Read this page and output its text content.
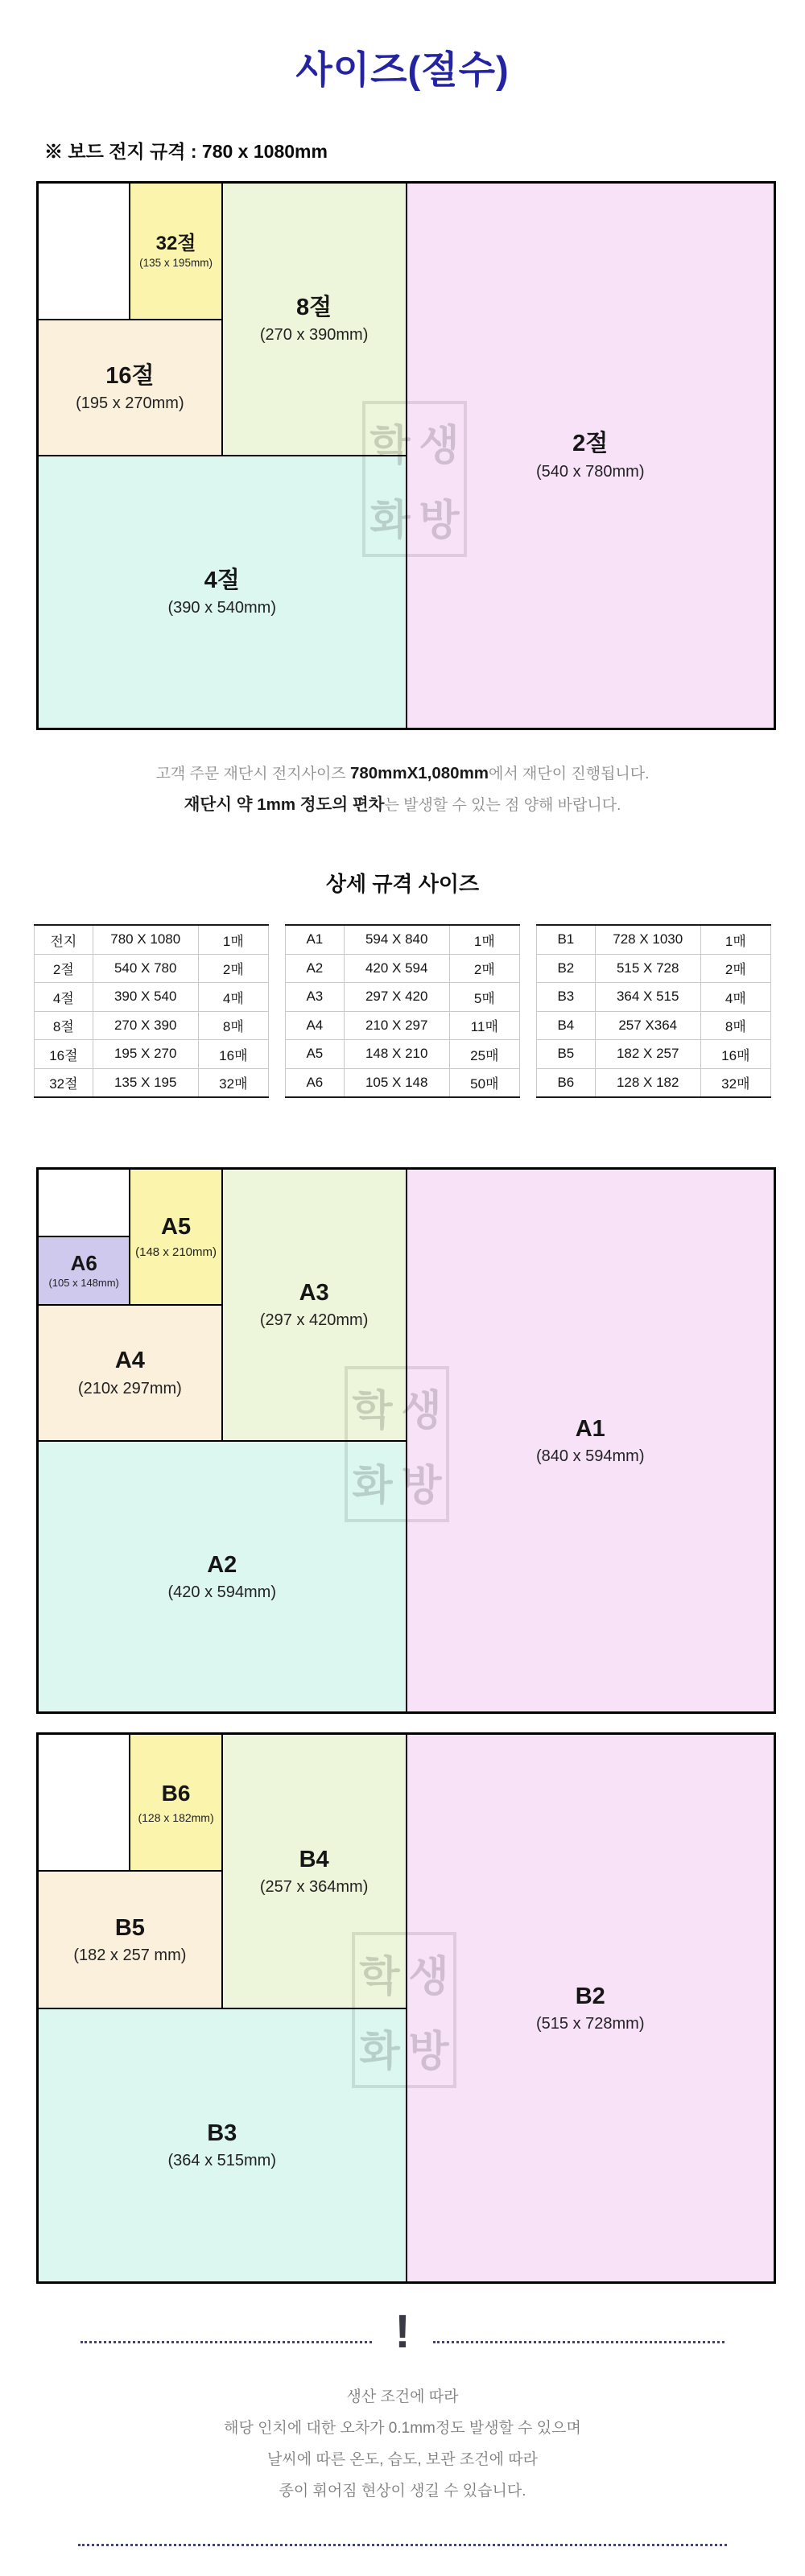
사이즈(절수)
※ 보드 전지 규격 : 780 x 1080mm
32절
(135 x 195mm)
16절
(195 x 270mm)
8절
(270 x 390mm)
4절
(390 x 540mm)
2절
(540 x 780mm)
고객 주문 재단시 전지사이즈 780mmX1,080mm에서 재단이 진행됩니다.
재단시 약 1mm 정도의 편차는 발생할 수 있는 점 양해 바랍니다.
상세 규격 사이즈
전지	780 X 1080	1매
2절	540 X 780	2매
4절	390 X 540	4매
8절	270 X 390	8매
16절	195 X 270	16매
32절	135 X 195	32매
A1	594 X 840	1매
A2	420 X 594	2매
A3	297 X 420	5매
A4	210 X 297	11매
A5	148 X 210	25매
A6	105 X 148	50매
B1	728 X 1030	1매
B2	515 X 728	2매
B3	364 X 515	4매
B4	257 X364	8매
B5	182 X 257	16매
B6	128 X 182	32매
A6
(105 x 148mm)
A5
(148 x 210mm)
A4
(210x 297mm)
A3
(297 x 420mm)
A2
(420 x 594mm)
A1
(840 x 594mm)
B6
(128 x 182mm)
B5
(182 x 257 mm)
B4
(257 x 364mm)
B3
(364 x 515mm)
B2
(515 x 728mm)
!
생산 조건에 따라
해당 인치에 대한 오차가 0.1mm정도 발생할 수 있으며
날씨에 따른 온도, 습도, 보관 조건에 따라
종이 휘어짐 현상이 생길 수 있습니다.
